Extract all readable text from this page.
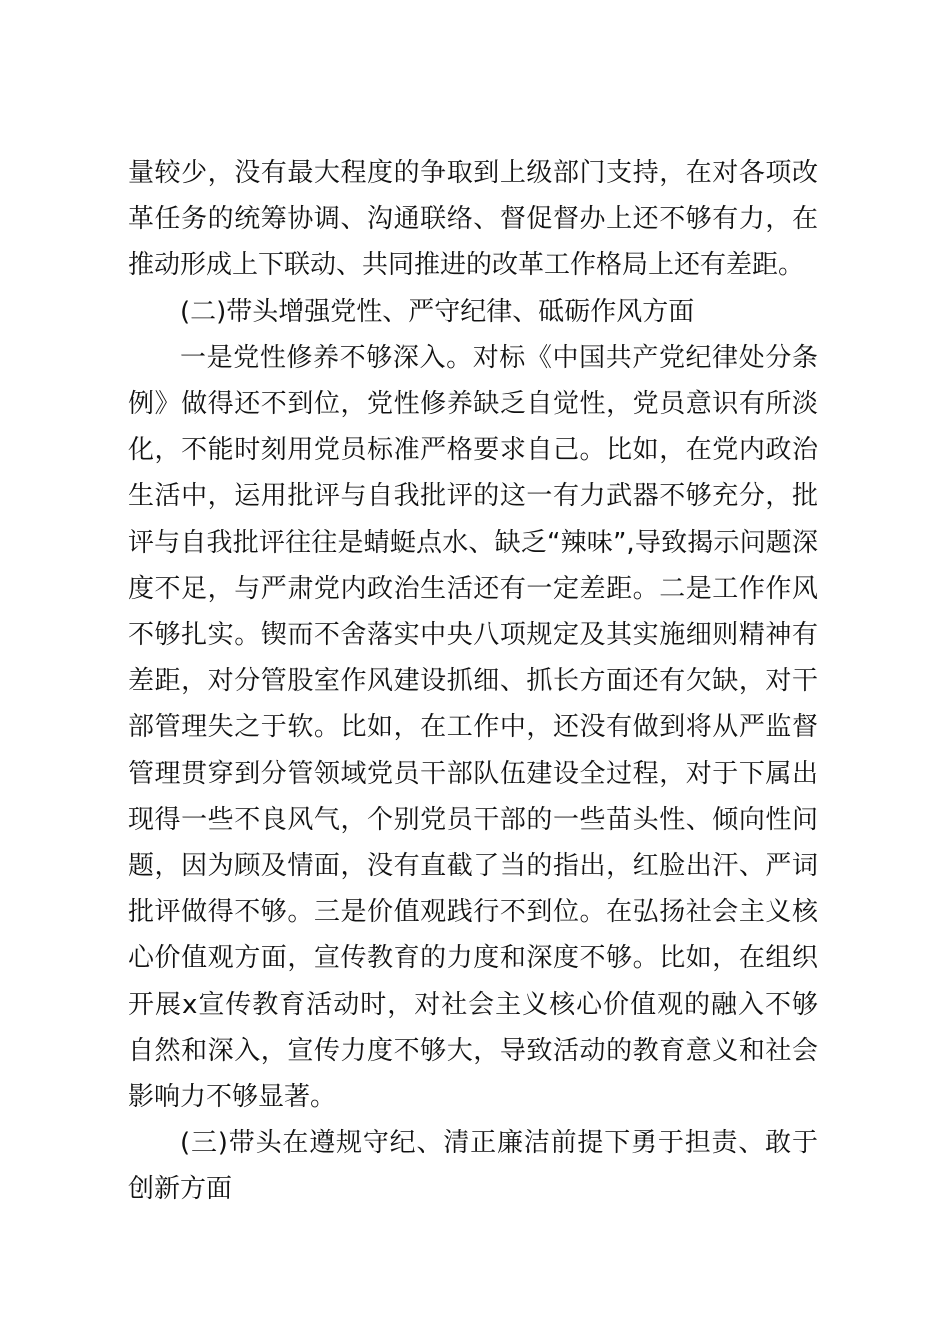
量较少，没有最大程度的争取到上级部门支持，在对各项改革任务的统筹协调、沟通联络、督促督办上还不够有力，在推动形成上下联动、共同推进的改革工作格局上还有差距。

(二)带头增强党性、严守纪律、砥砺作风方面

一是党性修养不够深入。对标《中国共产党纪律处分条例》做得还不到位，党性修养缺乏自觉性，党员意识有所淡化，不能时刻用党员标准严格要求自己。比如，在党内政治生活中，运用批评与自我批评的这一有力武器不够充分，批评与自我批评往往是蜻蜓点水、缺乏“辣味”,导致揭示问题深度不足，与严肃党内政治生活还有一定差距。二是工作作风不够扎实。锲而不舍落实中央八项规定及其实施细则精神有差距，对分管股室作风建设抓细、抓长方面还有欠缺，对干部管理失之于软。比如，在工作中，还没有做到将从严监督管理贯穿到分管领域党员干部队伍建设全过程，对于下属出现得一些不良风气，个别党员干部的一些苗头性、倾向性问题，因为顾及情面，没有直截了当的指出，红脸出汗、严词批评做得不够。三是价值观践行不到位。在弘扬社会主义核心价值观方面，宣传教育的力度和深度不够。比如，在组织开展x宣传教育活动时，对社会主义核心价值观的融入不够自然和深入，宣传力度不够大，导致活动的教育意义和社会影响力不够显著。

(三)带头在遵规守纪、清正廉洁前提下勇于担责、敢于创新方面
